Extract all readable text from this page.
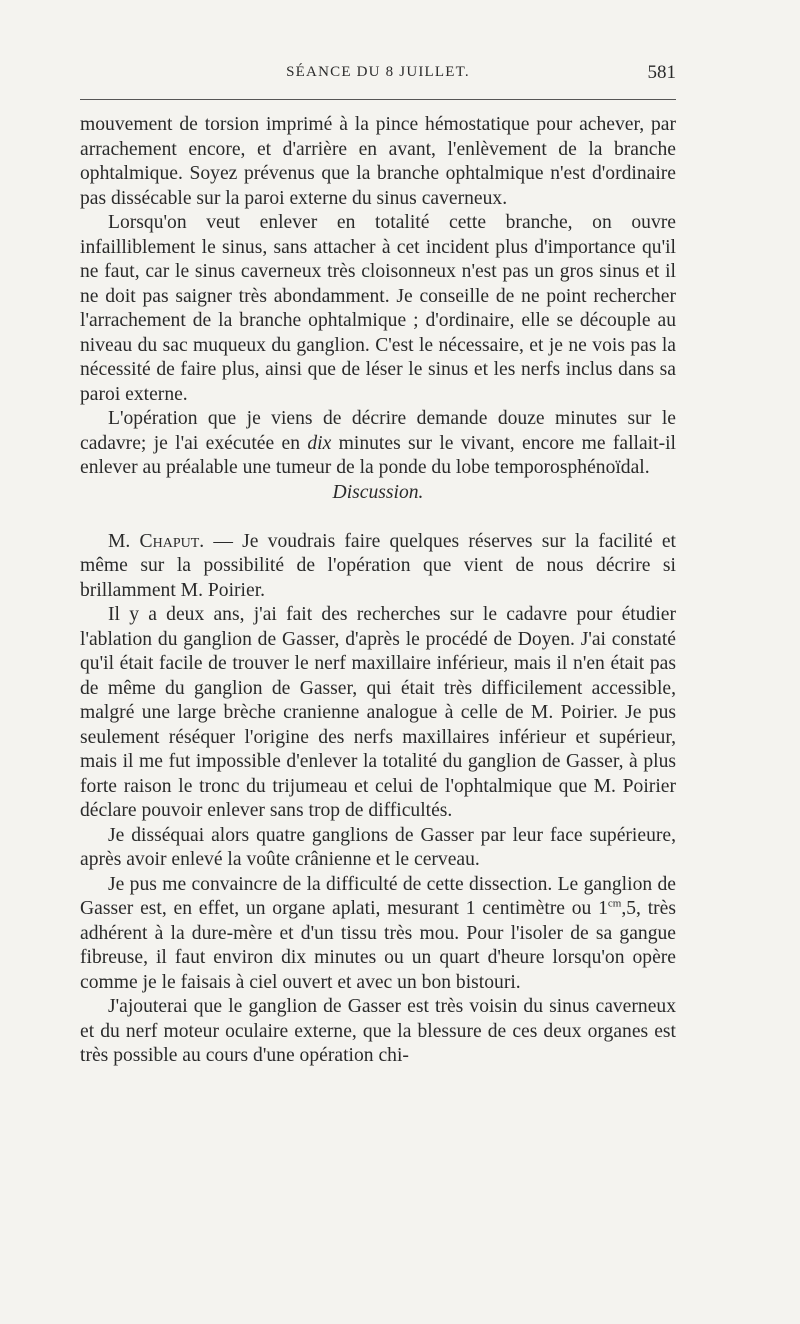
SÉANCE DU 8 JUILLET.	581

mouvement de torsion imprimé à la pince hémostatique pour achever, par arrachement encore, et d'arrière en avant, l'enlèvement de la branche ophtalmique. Soyez prévenus que la branche ophtalmique n'est d'ordinaire pas dissécable sur la paroi externe du sinus caverneux.

Lorsqu'on veut enlever en totalité cette branche, on ouvre infailliblement le sinus, sans attacher à cet incident plus d'importance qu'il ne faut, car le sinus caverneux très cloisonneux n'est pas un gros sinus et il ne doit pas saigner très abondamment. Je conseille de ne point rechercher l'arrachement de la branche ophtalmique ; d'ordinaire, elle se découple au niveau du sac muqueux du ganglion. C'est le nécessaire, et je ne vois pas la nécessité de faire plus, ainsi que de léser le sinus et les nerfs inclus dans sa paroi externe.

L'opération que je viens de décrire demande douze minutes sur le cadavre; je l'ai exécutée en dix minutes sur le vivant, encore me fallait-il enlever au préalable une tumeur de la ponde du lobe temporosphénoïdal.

Discussion.

M. Chaput. — Je voudrais faire quelques réserves sur la facilité et même sur la possibilité de l'opération que vient de nous décrire si brillamment M. Poirier.

Il y a deux ans, j'ai fait des recherches sur le cadavre pour étudier l'ablation du ganglion de Gasser, d'après le procédé de Doyen. J'ai constaté qu'il était facile de trouver le nerf maxillaire inférieur, mais il n'en était pas de même du ganglion de Gasser, qui était très difficilement accessible, malgré une large brèche cranienne analogue à celle de M. Poirier. Je pus seulement réséquer l'origine des nerfs maxillaires inférieur et supérieur, mais il me fut impossible d'enlever la totalité du ganglion de Gasser, à plus forte raison le tronc du trijumeau et celui de l'ophtalmique que M. Poirier déclare pouvoir enlever sans trop de difficultés.

Je disséquai alors quatre ganglions de Gasser par leur face supérieure, après avoir enlevé la voûte crânienne et le cerveau.

Je pus me convaincre de la difficulté de cette dissection. Le ganglion de Gasser est, en effet, un organe aplati, mesurant 1 centimètre ou $1^{cm},5$, très adhérent à la dure-mère et d'un tissu très mou. Pour l'isoler de sa gangue fibreuse, il faut environ dix minutes ou un quart d'heure lorsqu'on opère comme je le faisais à ciel ouvert et avec un bon bistouri.

J'ajouterai que le ganglion de Gasser est très voisin du sinus caverneux et du nerf moteur oculaire externe, que la blessure de ces deux organes est très possible au cours d'une opération chi-
